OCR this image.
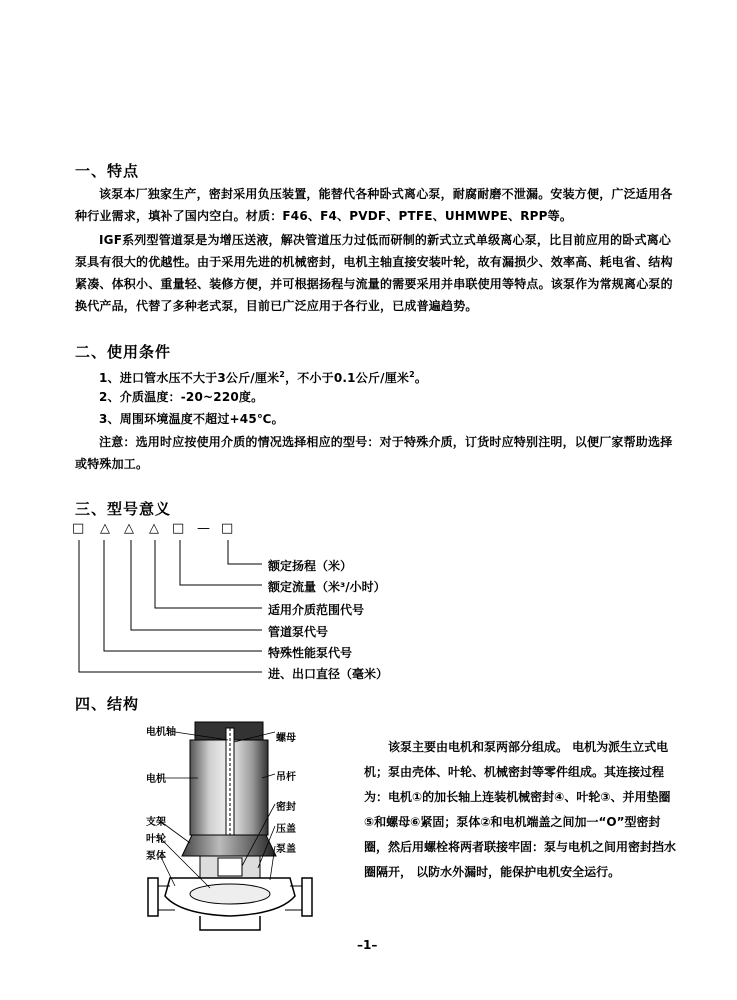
一、特点
该泵本厂独家生产，密封采用负压装置，能替代各种卧式离心泵，耐腐耐磨不泄漏。安装方便，广泛适用各种行业需求，填补了国内空白。材质：F46、F4、PVDF、PTFE、UHMWPE、RPP等。
IGF系列型管道泵是为增压送液，解决管道压力过低而研制的新式立式单级离心泵，比目前应用的卧式离心泵具有很大的优越性。由于采用先进的机械密封，电机主轴直接安装叶轮，故有漏损少、效率高、耗电省、结构紧凑、体积小、重量轻、装修方便，并可根据扬程与流量的需要采用并串联使用等特点。该泵作为常规离心泵的换代产品，代替了多种老式泵，目前已广泛应用于各行业，已成普遍趋势。
二、使用条件
1、进口管水压不大于3公斤/厘米$^2$，不小于0.1公斤/厘米$^2$。
2、介质温度：-20~220度。
3、周围环境温度不超过+45℃。
注意：选用时应按使用介质的情况选择相应的型号：对于特殊介质，订货时应特别注明，以便厂家帮助选择或特殊加工。
三、型号意义
□ △ △ △ □ — □
额定扬程（米）
额定流量（米³/小时）
适用介质范围代号
管道泵代号
特殊性能泵代号
进、出口直径（毫米）
四、结构
电机轴
电机
支架
叶轮
泵体
螺母
吊杆
密封
压盖
泵盖
该泵主要由电机和泵两部分组成。 电机为派生立式电机；泵由壳体、叶轮、机械密封等零件组成。其连接过程为：电机①的加长轴上连装机械密封④、叶轮③、并用垫圈 ⑤和螺母⑥紧固；泵体②和电机端盖之间加一“O”型密封圈，然后用螺栓将两者联接牢固：泵与电机之间用密封挡水圈隔开， 以防水外漏时，能保护电机安全运行。
–1–
